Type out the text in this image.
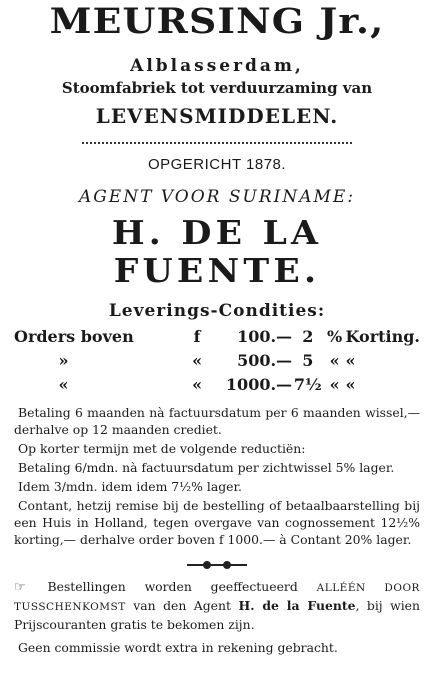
MEURSING Jr.,
Alblasserdam,
Stoomfabriek tot verduurzaming van
LEVENSMIDDELEN.
OPGERICHT 1878.
AGENT VOOR SURINAME:
H. DE LA FUENTE.
Leverings-Condities:
Orders boven	f	100.—	2	%	Korting.
»	«	500.—	5	«	«
«	«	1000.—	7½	«	«

Betaling 6 maanden nà factuursdatum per 6 maanden wissel,— derhalve op 12 maanden crediet.

Op korter termijn met de volgende reductiën:

Betaling 6/mdn. nà factuursdatum per zichtwissel 5% lager.

Idem 3/mdn. idem idem 7½% lager.

Contant, hetzij remise bij de bestelling of betaalbaarstelling bij een Huis in Holland, tegen overgave van cognossement 12½% korting,— derhalve order boven f 1000.— à Contant 20% lager.

☞ Bestellingen worden geeffectueerd ALLÉÉN DOOR TUSSCHENKOMST van den Agent H. de la Fuente, bij wien Prijscouranten gratis te bekomen zijn.

Geen commissie wordt extra in rekening gebracht.
